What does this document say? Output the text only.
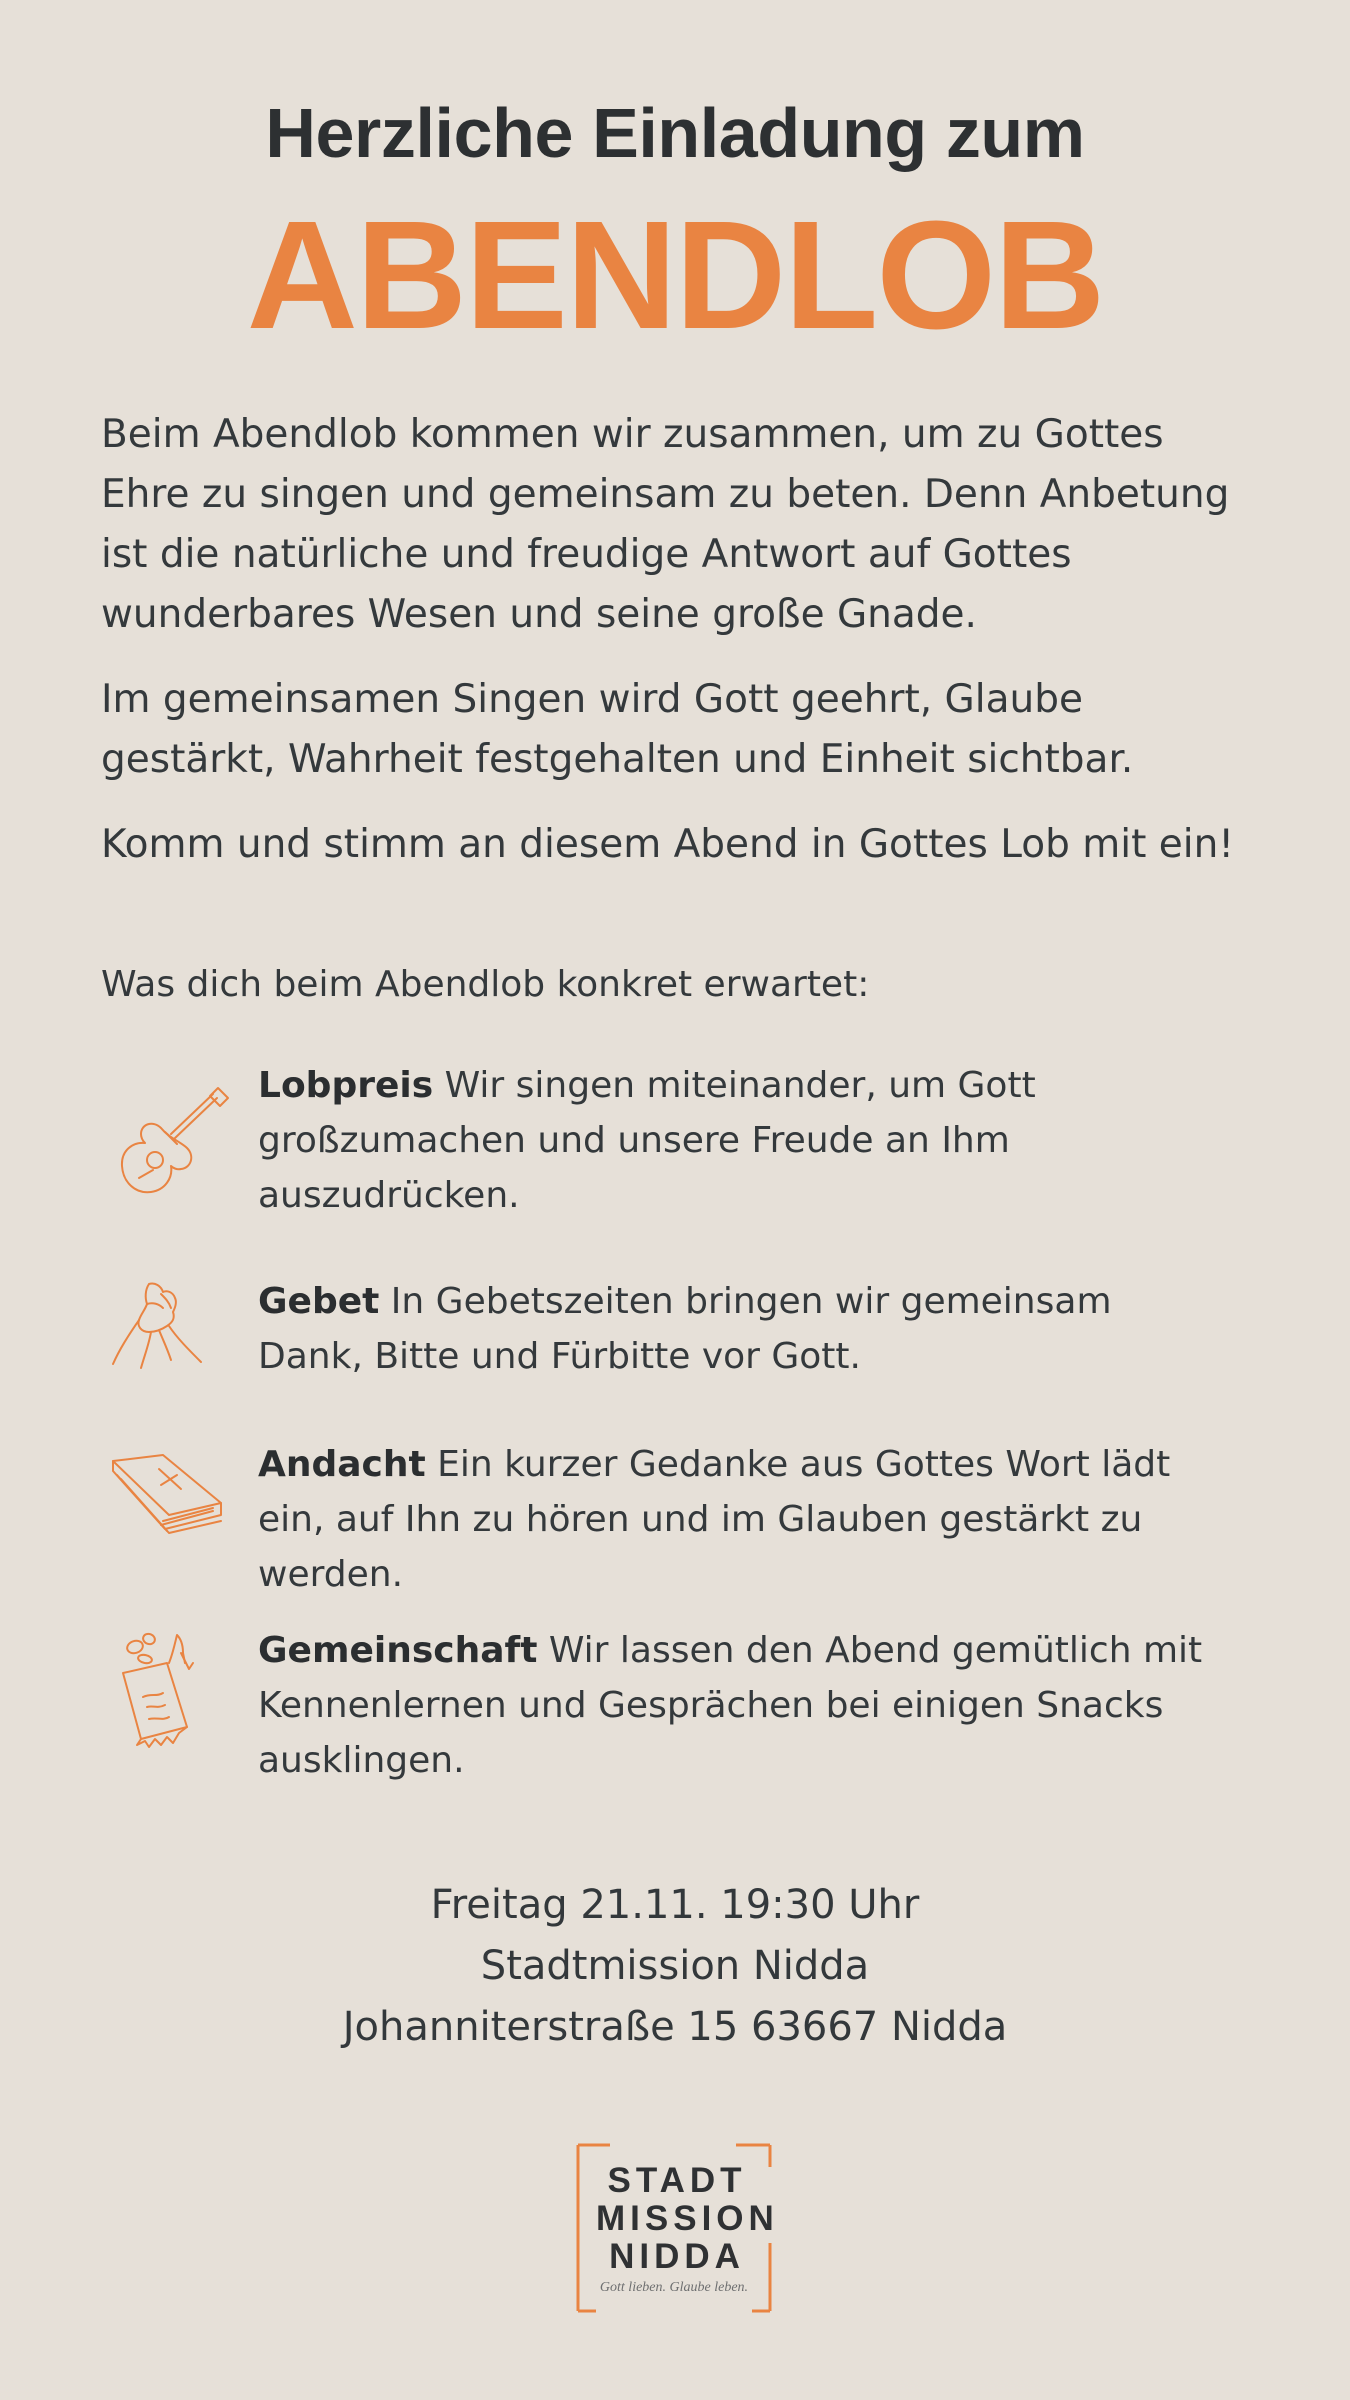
Herzliche Einladung zum
ABENDLOB

Beim Abendlob kommen wir zusammen, um zu Gottes Ehre zu singen und gemeinsam zu beten. Denn Anbetung ist die natürliche und freudige Antwort auf Gottes wunderbares Wesen und seine große Gnade.

Im gemeinsamen Singen wird Gott geehrt, Glaube gestärkt, Wahrheit festgehalten und Einheit sichtbar.

Komm und stimm an diesem Abend in Gottes Lob mit ein!

Was dich beim Abendlob konkret erwartet:
Lobpreis Wir singen miteinander, um Gott großzumachen und unsere Freude an Ihm auszudrücken.
Gebet In Gebetszeiten bringen wir gemeinsam Dank, Bitte und Fürbitte vor Gott.
Andacht Ein kurzer Gedanke aus Gottes Wort lädt ein, auf Ihn zu hören und im Glauben gestärkt zu werden.
Gemeinschaft Wir lassen den Abend gemütlich mit Kennenlernen und Gesprächen bei einigen Snacks ausklingen.
Freitag 21.11. 19:30 Uhr
Stadtmission Nidda
Johanniterstraße 15 63667 Nidda
STADT
MISSION
NIDDA
Gott lieben. Glaube leben.
